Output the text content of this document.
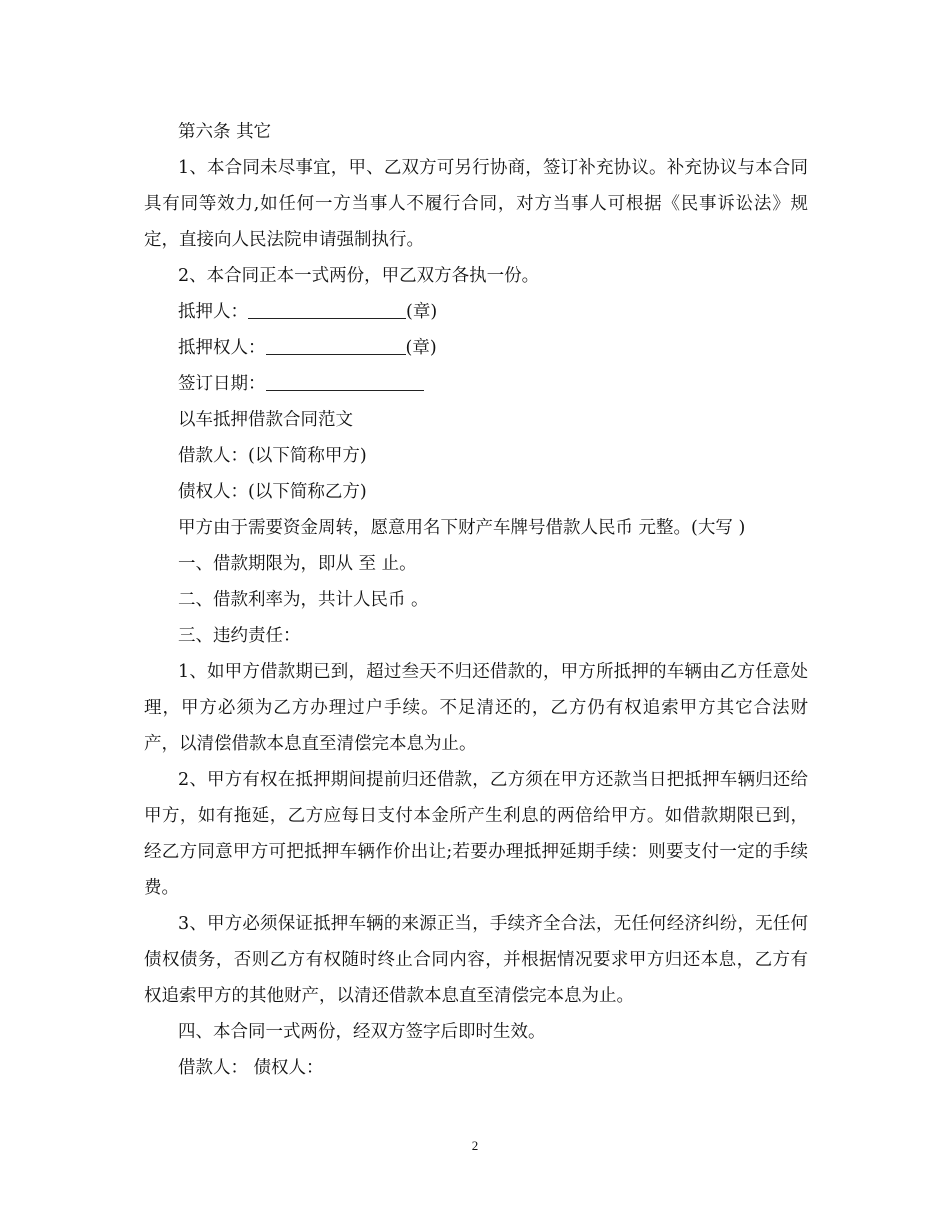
第六条 其它

1、本合同未尽事宜，甲、乙双方可另行协商，签订补充协议。补充协议与本合同具有同等效力,如任何一方当事人不履行合同，对方当事人可根据《民事诉讼法》规定，直接向人民法院申请强制执行。

2、本合同正本一式两份，甲乙双方各执一份。

抵押人：	(章)

抵押权人：	(章)

签订日期：

以车抵押借款合同范文

借款人：(以下简称甲方)

债权人：(以下简称乙方)

甲方由于需要资金周转，愿意用名下财产车牌号借款人民币 元整。(大写 )

一、借款期限为，即从 至 止。

二、借款利率为，共计人民币 。

三、违约责任：

1、如甲方借款期已到，超过叁天不归还借款的，甲方所抵押的车辆由乙方任意处理，甲方必须为乙方办理过户手续。不足清还的，乙方仍有权追索甲方其它合法财产，以清偿借款本息直至清偿完本息为止。

2、甲方有权在抵押期间提前归还借款，乙方须在甲方还款当日把抵押车辆归还给甲方，如有拖延，乙方应每日支付本金所产生利息的两倍给甲方。如借款期限已到，经乙方同意甲方可把抵押车辆作价出让;若要办理抵押延期手续：则要支付一定的手续费。

3、甲方必须保证抵押车辆的来源正当，手续齐全合法，无任何经济纠纷，无任何债权债务，否则乙方有权随时终止合同内容，并根据情况要求甲方归还本息，乙方有权追索甲方的其他财产，以清还借款本息直至清偿完本息为止。

四、本合同一式两份，经双方签字后即时生效。

借款人： 债权人：

2
